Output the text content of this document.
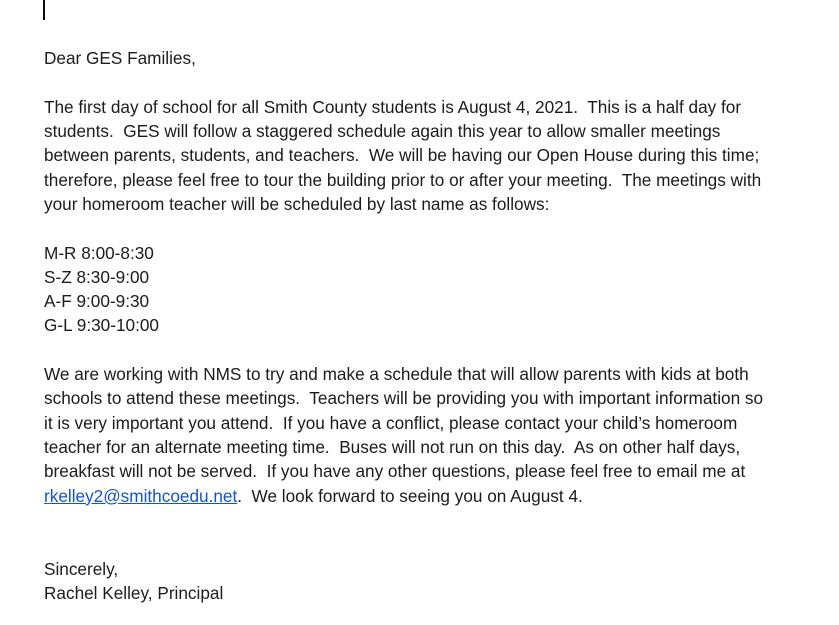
Dear GES Families,

The first day of school for all Smith County students is August 4, 2021.  This is a half day for
students.  GES will follow a staggered schedule again this year to allow smaller meetings
between parents, students, and teachers.  We will be having our Open House during this time;
therefore, please feel free to tour the building prior to or after your meeting.  The meetings with
your homeroom teacher will be scheduled by last name as follows:

M-R 8:00-8:30
S-Z 8:30-9:00
A-F 9:00-9:30
G-L 9:30-10:00

We are working with NMS to try and make a schedule that will allow parents with kids at both
schools to attend these meetings.  Teachers will be providing you with important information so
it is very important you attend.  If you have a conflict, please contact your child’s homeroom
teacher for an alternate meeting time.  Buses will not run on this day.  As on other half days,
breakfast will not be served.  If you have any other questions, please feel free to email me at
rkelley2@smithcoedu.net.  We look forward to seeing you on August 4.

Sincerely,
Rachel Kelley, Principal
